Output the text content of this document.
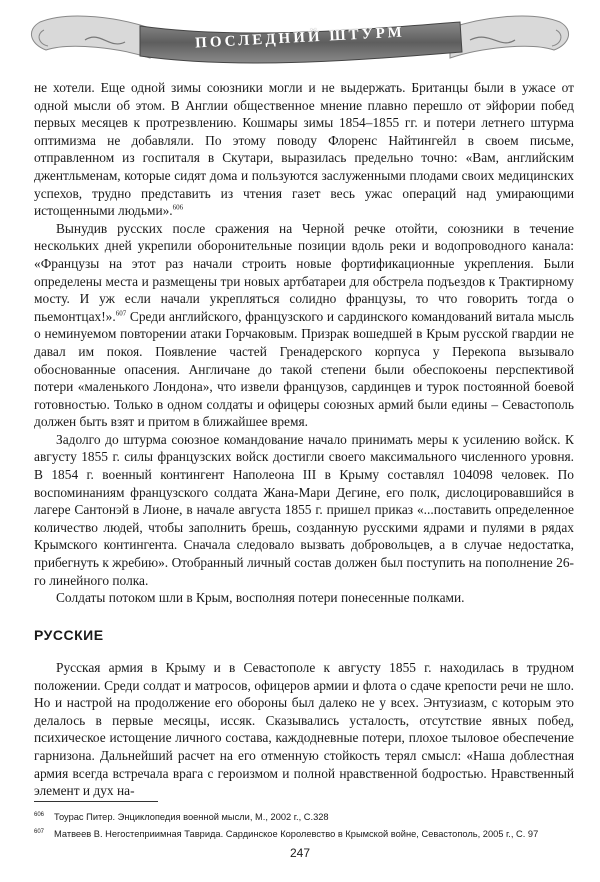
ПОСЛЕДНИЙ ШТУРМ

не хотели. Еще одной зимы союзники могли и не выдержать. Британцы были в ужасе от одной мысли об этом. В Англии общественное мнение плавно перешло от эйфории побед первых месяцев к протрезвлению. Кошмары зимы 1854–1855 гг. и потери летнего штурма оптимизма не добавляли. По этому поводу Флоренс Найтингейл в своем письме, отправленном из госпиталя в Скутари, выразилась предельно точно: «Вам, английским джентльменам, которые сидят дома и пользуются заслуженными плодами своих медицинских успехов, трудно представить из чтения газет весь ужас операций над умирающими истощенными людьми».$^{606}$

Вынудив русских после сражения на Черной речке отойти, союзники в течение нескольких дней укрепили оборонительные позиции вдоль реки и водопроводного канала: «Французы на этот раз начали строить новые фортификационные укрепления. Были определены места и размещены три новых артбатареи для обстрела подъездов к Трактирному мосту. И уж если начали укрепляться солидно французы, то что говорить тогда о пьемонтцах!».$^{607}$ Среди английского, французского и сардинского командований витала мысль о неминуемом повторении атаки Горчаковым. Призрак вошедшей в Крым русской гвардии не давал им покоя. Появление частей Гренадерского корпуса у Перекопа вызывало обоснованные опасения. Англичане до такой степени были обеспокоены перспективой потери «маленького Лондона», что извели французов, сардинцев и турок постоянной боевой готовностью. Только в одном солдаты и офицеры союзных армий были едины – Севастополь должен быть взят и притом в ближайшее время.

Задолго до штурма союзное командование начало принимать меры к усилению войск. К августу 1855 г. силы французских войск достигли своего максимального численного уровня. В 1854 г. военный контингент Наполеона III в Крыму составлял 104098 человек. По воспоминаниям французского солдата Жана-Мари Дегине, его полк, дислоцировавшийся в лагере Сантонэй в Лионе, в начале августа 1855 г. пришел приказ «...поставить определенное количество людей, чтобы заполнить брешь, созданную русскими ядрами и пулями в рядах Крымского контингента. Сначала следовало вызвать добровольцев, а в случае недостатка, прибегнуть к жребию». Отобранный личный состав должен был поступить на пополнение 26-го линейного полка.

Солдаты потоком шли в Крым, восполняя потери понесенные полками.

РУССКИЕ

Русская армия в Крыму и в Севастополе к августу 1855 г. находилась в трудном положении. Среди солдат и матросов, офицеров армии и флота о сдаче крепости речи не шло. Но и настрой на продолжение его обороны был далеко не у всех. Энтузиазм, с которым это делалось в первые месяцы, иссяк. Сказывались усталость, отсутствие явных побед, психическое истощение личного состава, каждодневные потери, плохое тыловое обеспечение гарнизона. Дальнейший расчет на его отменную стойкость терял смысл: «Наша доблестная армия всегда встречала врага с героизмом и полной нравственной бодростью. Нравственный элемент и дух на-

$^{606}$ Тоурас Питер. Энциклопедия военной мысли, М., 2002 г., С.328
$^{607}$ Матвеев В. Негостеприимная Таврида. Сардинское Королевство в Крымской войне, Севастополь, 2005 г., С. 97
247
